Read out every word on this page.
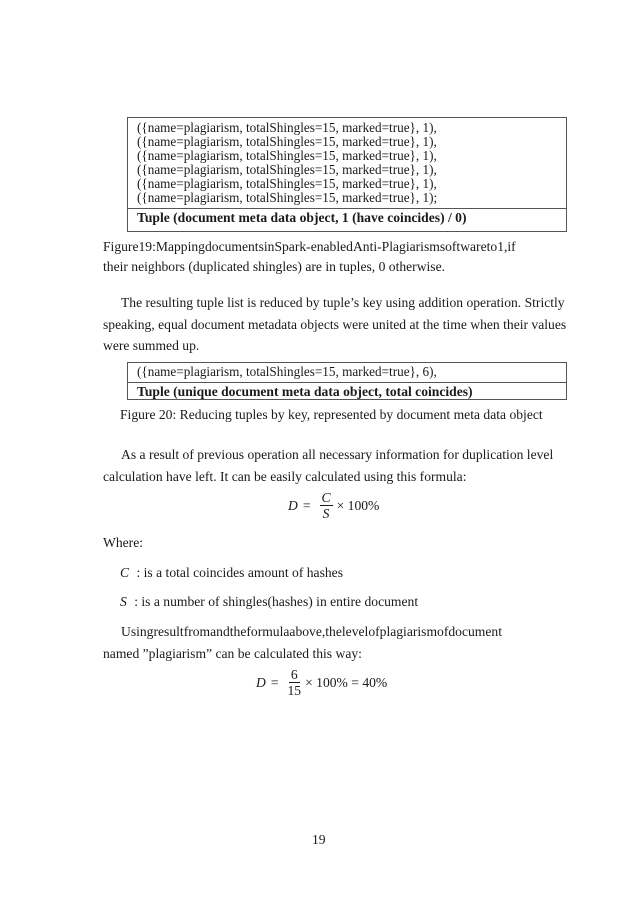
({name=plagiarism, totalShingles=15, marked=true}, 1),
({name=plagiarism, totalShingles=15, marked=true}, 1),
({name=plagiarism, totalShingles=15, marked=true}, 1),
({name=plagiarism, totalShingles=15, marked=true}, 1),
({name=plagiarism, totalShingles=15, marked=true}, 1),
({name=plagiarism, totalShingles=15, marked=true}, 1);
Tuple (document meta data object, 1 (have coincides) / 0)
Figure19:MappingdocumentsinSpark-enabledAnti-Plagiarismsoftwareto1,if
their neighbors (duplicated shingles) are in tuples, 0 otherwise.
The resulting tuple list is reduced by tuple’s key using addition operation. Strictly
speaking, equal document metadata objects were united at the time when their values
were summed up.
({name=plagiarism, totalShingles=15, marked=true}, 6),
Tuple (unique document meta data object, total coincides)
Figure 20: Reducing tuples by key, represented by document meta data object
As a result of previous operation all necessary information for duplication level
calculation have left. It can be easily calculated using this formula:
$D = \frac{C}{S} \times 100\%$
Where:
C : is a total coincides amount of hashes
S : is a number of shingles(hashes) in entire document
Usingresultfromandtheformulaabove,thelevelofplagiarismofdocument
named ”plagiarism” can be calculated this way:
$D = \frac{6}{15} \times 100\% = 40\%$
19
